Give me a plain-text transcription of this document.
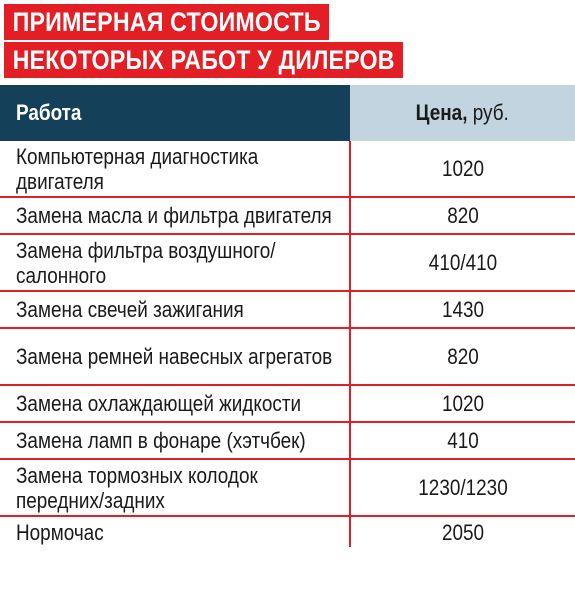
ПРИМЕРНАЯ СТОИМОСТЬ
НЕКОТОРЫХ РАБОТ У ДИЛЕРОВ
Работа	Цена, руб.

Компьютерная диагностика двигателя	1020

Замена масла и фильтра двигателя	820

Замена фильтра воздушного/ салонного	410/410

Замена свечей зажигания	1430

Замена ремней навесных агрегатов	820

Замена охлаждающей жидкости	1020

Замена ламп в фонаре (хэтчбек)	410

Замена тормозных колодок передних/задних	1230/1230

Нормочас	2050
